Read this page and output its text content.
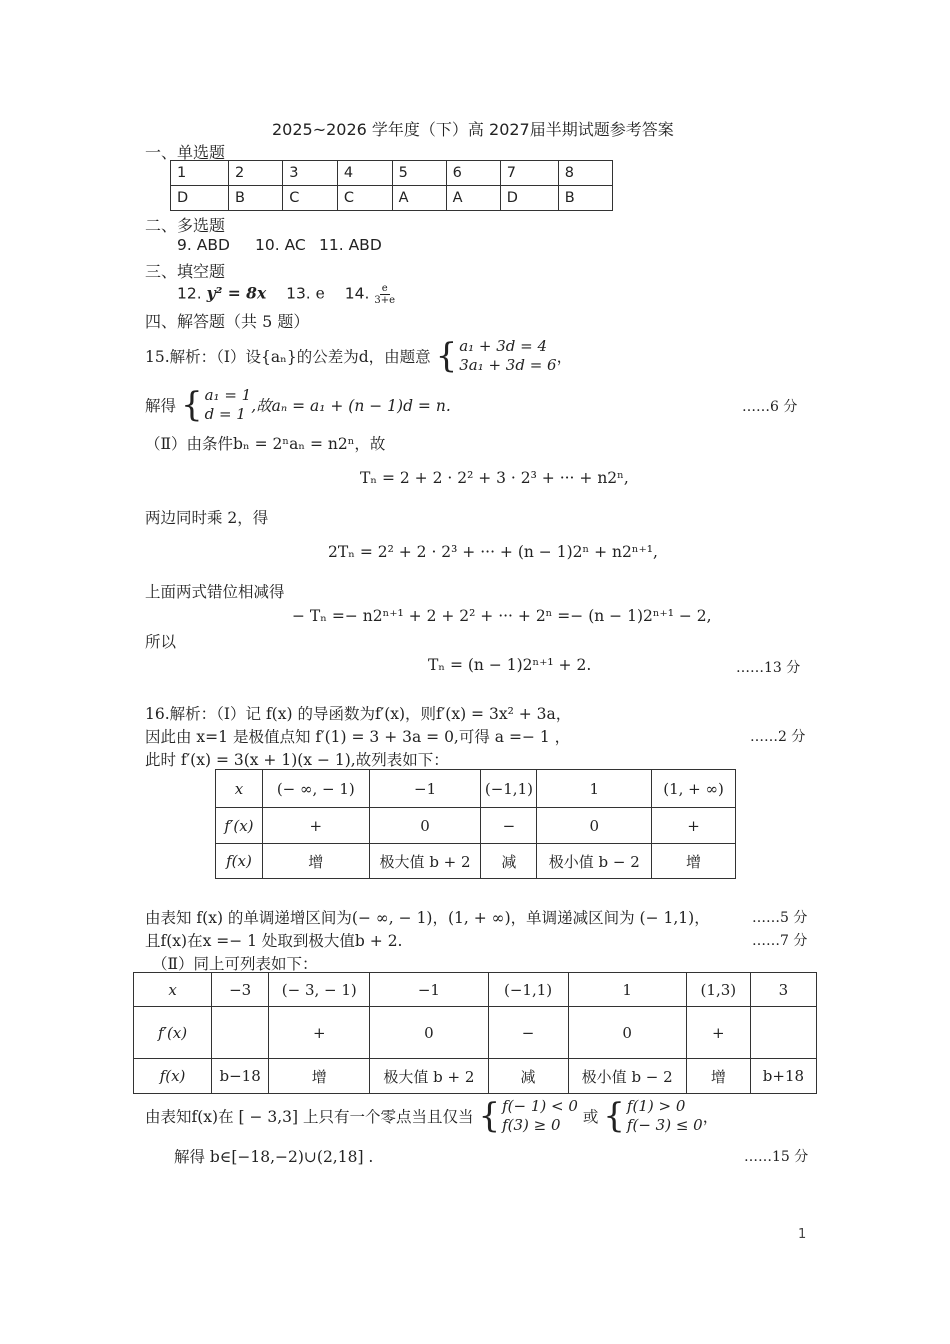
2025~2026 学年度（下）高 2027届半期试题参考答案
一、单选题
1	2	3	4	5	6	7	8
D	B	C	C	A	A	D	B
二、多选题
9. ABD 10. AC 11. ABD
三、填空题
12. y² = 8x 13. e 14. $\frac{e}{3+e}$
四、解答题（共 5 题）
15.解析：（Ⅰ）设{aₙ}的公差为d，由题意 { a₁ + 3d = 4
3a₁ + 3d = 6 ，
解得 { a₁ = 1
d = 1 ,故aₙ = a₁ + (n − 1)d = n.	……6 分
（Ⅱ）由条件bₙ = 2ⁿaₙ = n2ⁿ，故
Tₙ = 2 + 2 · 2² + 3 · 2³ + ··· + n2ⁿ,
两边同时乘 2，得
2Tₙ = 2² + 2 · 2³ + ··· + (n − 1)2ⁿ + n2ⁿ⁺¹,
上面两式错位相减得
− Tₙ =− n2ⁿ⁺¹ + 2 + 2² + ··· + 2ⁿ =− (n − 1)2ⁿ⁺¹ − 2,
所以
Tₙ = (n − 1)2ⁿ⁺¹ + 2.	……13 分
16.解析：（Ⅰ）记 f(x) 的导函数为f′(x)，则f′(x) = 3x² + 3a，
因此由 x=1 是极值点知 f′(1) = 3 + 3a = 0,可得 a =− 1 ，	……2 分
此时 f′(x) = 3(x + 1)(x − 1),故列表如下：
x	(− ∞, − 1)	−1	(−1,1)	1	(1, + ∞)
f′(x)	+	0	−	0	+
f(x)	增	极大值 b + 2	减	极小值 b − 2	增
由表知 f(x) 的单调递增区间为(− ∞, − 1)，(1, + ∞)，单调递减区间为 (− 1,1)，	……5 分
且f(x)在x =− 1 处取到极大值b + 2.	……7 分
（Ⅱ）同上可列表如下：
x	−3	(− 3, − 1)	−1	(−1,1)	1	(1,3)	3
f′(x)		+	0	−	0	+	
f(x)	b−18	增	极大值 b + 2	减	极小值 b − 2	增	b+18
由表知f(x)在 [ − 3,3] 上只有一个零点当且仅当 { f(− 1) < 0
f(3) ≥ 0	或 { f(1) > 0
f(− 3) ≤ 0 ，
解得 b∈[−18,−2)∪(2,18] .	……15 分
1
